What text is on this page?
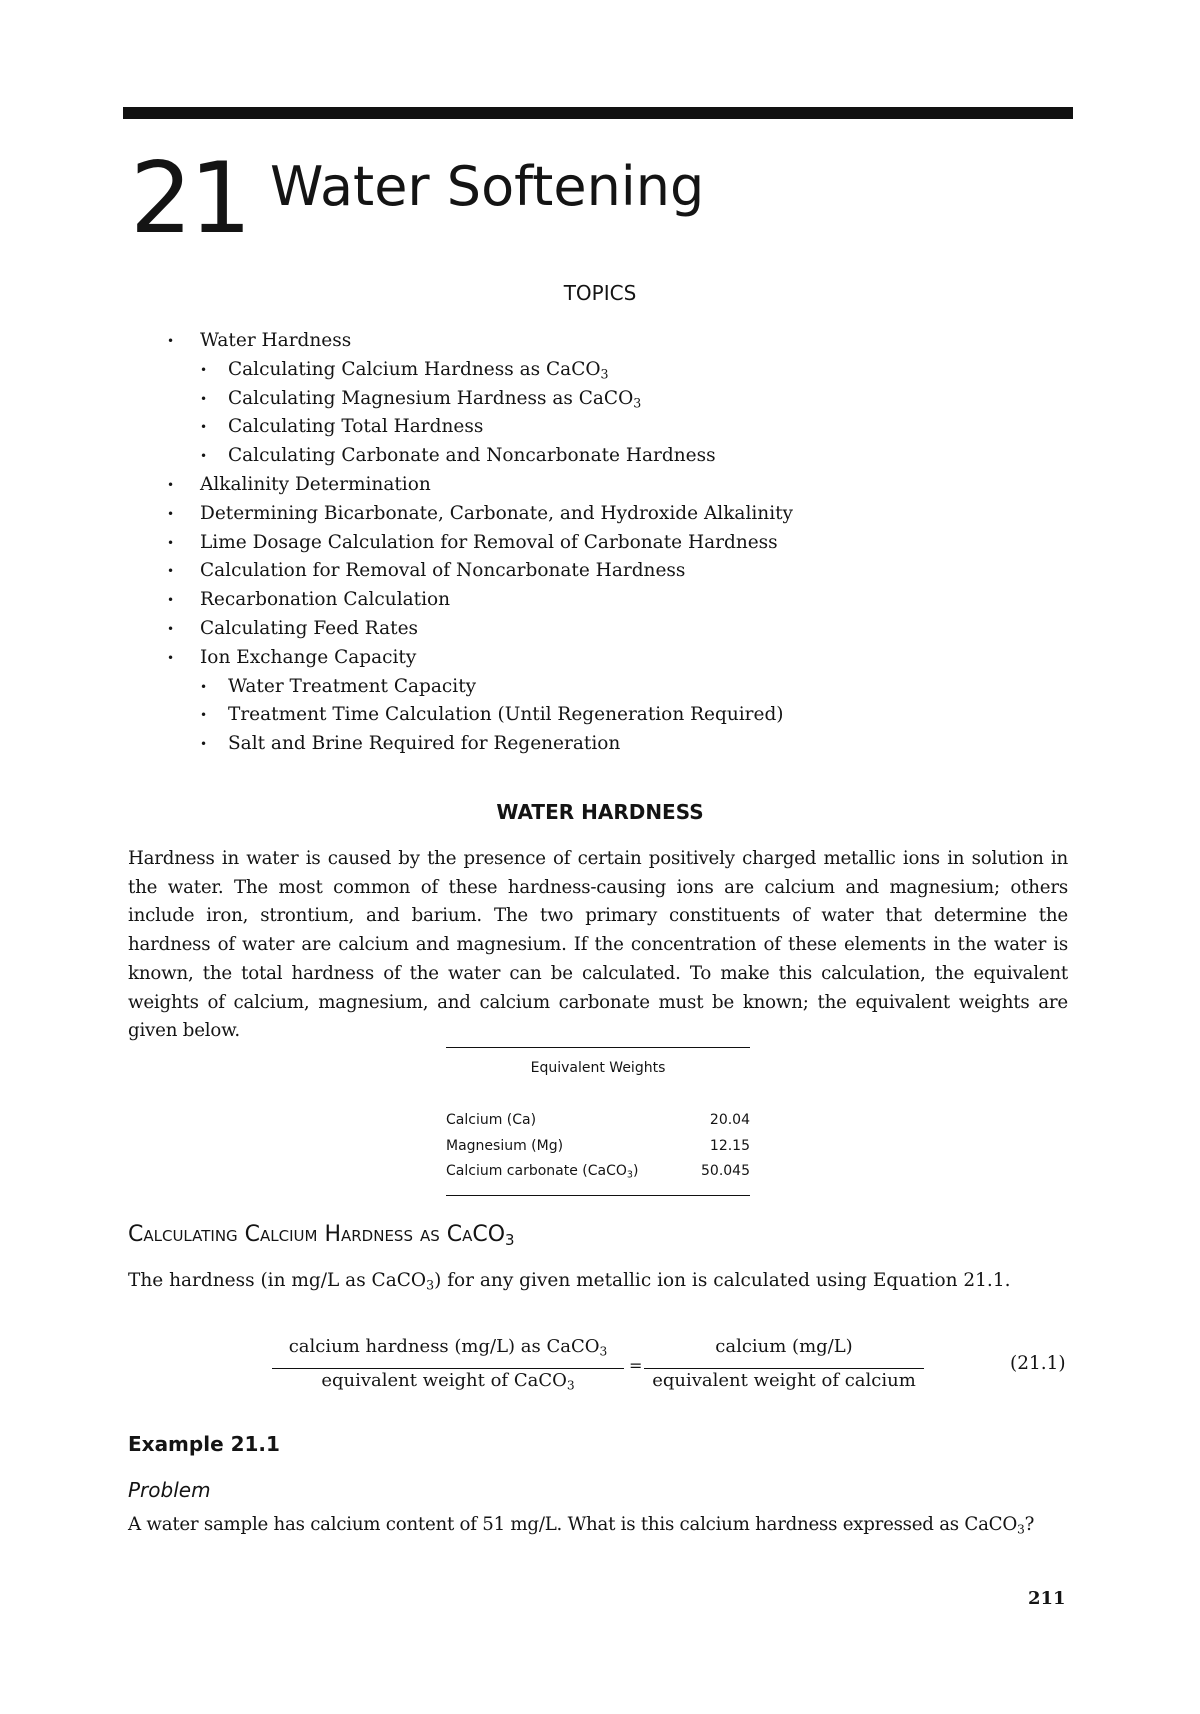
21 Water Softening
TOPICS
• Water Hardness
• Calculating Calcium Hardness as CaCO$_3$
• Calculating Magnesium Hardness as CaCO$_3$
• Calculating Total Hardness
• Calculating Carbonate and Noncarbonate Hardness
• Alkalinity Determination
• Determining Bicarbonate, Carbonate, and Hydroxide Alkalinity
• Lime Dosage Calculation for Removal of Carbonate Hardness
• Calculation for Removal of Noncarbonate Hardness
• Recarbonation Calculation
• Calculating Feed Rates
• Ion Exchange Capacity
• Water Treatment Capacity
• Treatment Time Calculation (Until Regeneration Required)
• Salt and Brine Required for Regeneration
WATER HARDNESS

Hardness in water is caused by the presence of certain positively charged metallic ions in solution in the water. The most common of these hardness-causing ions are calcium and magnesium; others include iron, strontium, and barium. The two primary constituents of water that determine the hardness of water are calcium and magnesium. If the concentration of these elements in the water is known, the total hardness of the water can be calculated. To make this calculation, the equivalent weights of calcium, magnesium, and calcium carbonate must be known; the equivalent weights are given below.

Equivalent Weights
Calcium (Ca)	20.04
Magnesium (Mg)	12.15
Calcium carbonate (CaCO$_3$)	50.045
Calculating Calcium Hardness as CaCO$_3$
The hardness (in mg/L as CaCO$_3$) for any given metallic ion is calculated using Equation 21.1.
calcium hardness (mg/L) as CaCO$_3$
equivalent weight of CaCO$_3$
=
calcium (mg/L)
equivalent weight of calcium
(21.1)
Example 21.1
Problem
A water sample has calcium content of 51 mg/L. What is this calcium hardness expressed as CaCO$_3$?
211
